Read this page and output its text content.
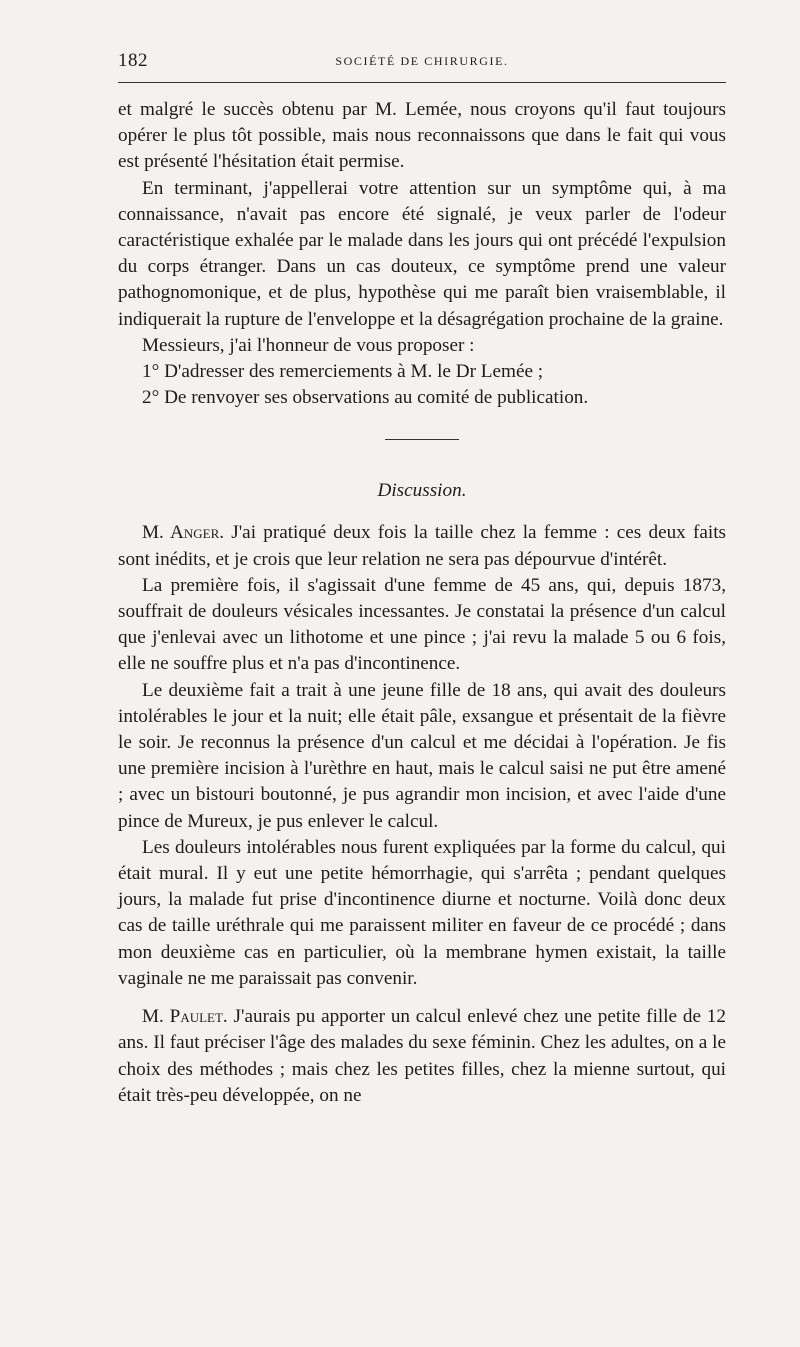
182	SOCIÉTÉ DE CHIRURGIE.

et malgré le succès obtenu par M. Lemée, nous croyons qu'il faut toujours opérer le plus tôt possible, mais nous reconnaissons que dans le fait qui vous est présenté l'hésitation était permise.

En terminant, j'appellerai votre attention sur un symptôme qui, à ma connaissance, n'avait pas encore été signalé, je veux parler de l'odeur caractéristique exhalée par le malade dans les jours qui ont précédé l'expulsion du corps étranger. Dans un cas douteux, ce symptôme prend une valeur pathognomonique, et de plus, hypothèse qui me paraît bien vraisemblable, il indiquerait la rupture de l'enveloppe et la désagrégation prochaine de la graine.

Messieurs, j'ai l'honneur de vous proposer :

1° D'adresser des remerciements à M. le Dr Lemée ;

2° De renvoyer ses observations au comité de publication.

Discussion.

M. Anger. J'ai pratiqué deux fois la taille chez la femme : ces deux faits sont inédits, et je crois que leur relation ne sera pas dépourvue d'intérêt.

La première fois, il s'agissait d'une femme de 45 ans, qui, depuis 1873, souffrait de douleurs vésicales incessantes. Je constatai la présence d'un calcul que j'enlevai avec un lithotome et une pince ; j'ai revu la malade 5 ou 6 fois, elle ne souffre plus et n'a pas d'incontinence.

Le deuxième fait a trait à une jeune fille de 18 ans, qui avait des douleurs intolérables le jour et la nuit; elle était pâle, exsangue et présentait de la fièvre le soir. Je reconnus la présence d'un calcul et me décidai à l'opération. Je fis une première incision à l'urèthre en haut, mais le calcul saisi ne put être amené ; avec un bistouri boutonné, je pus agrandir mon incision, et avec l'aide d'une pince de Mureux, je pus enlever le calcul.

Les douleurs intolérables nous furent expliquées par la forme du calcul, qui était mural. Il y eut une petite hémorrhagie, qui s'arrêta ; pendant quelques jours, la malade fut prise d'incontinence diurne et nocturne. Voilà donc deux cas de taille uréthrale qui me paraissent militer en faveur de ce procédé ; dans mon deuxième cas en particulier, où la membrane hymen existait, la taille vaginale ne me paraissait pas convenir.

M. Paulet. J'aurais pu apporter un calcul enlevé chez une petite fille de 12 ans. Il faut préciser l'âge des malades du sexe féminin. Chez les adultes, on a le choix des méthodes ; mais chez les petites filles, chez la mienne surtout, qui était très-peu développée, on ne
